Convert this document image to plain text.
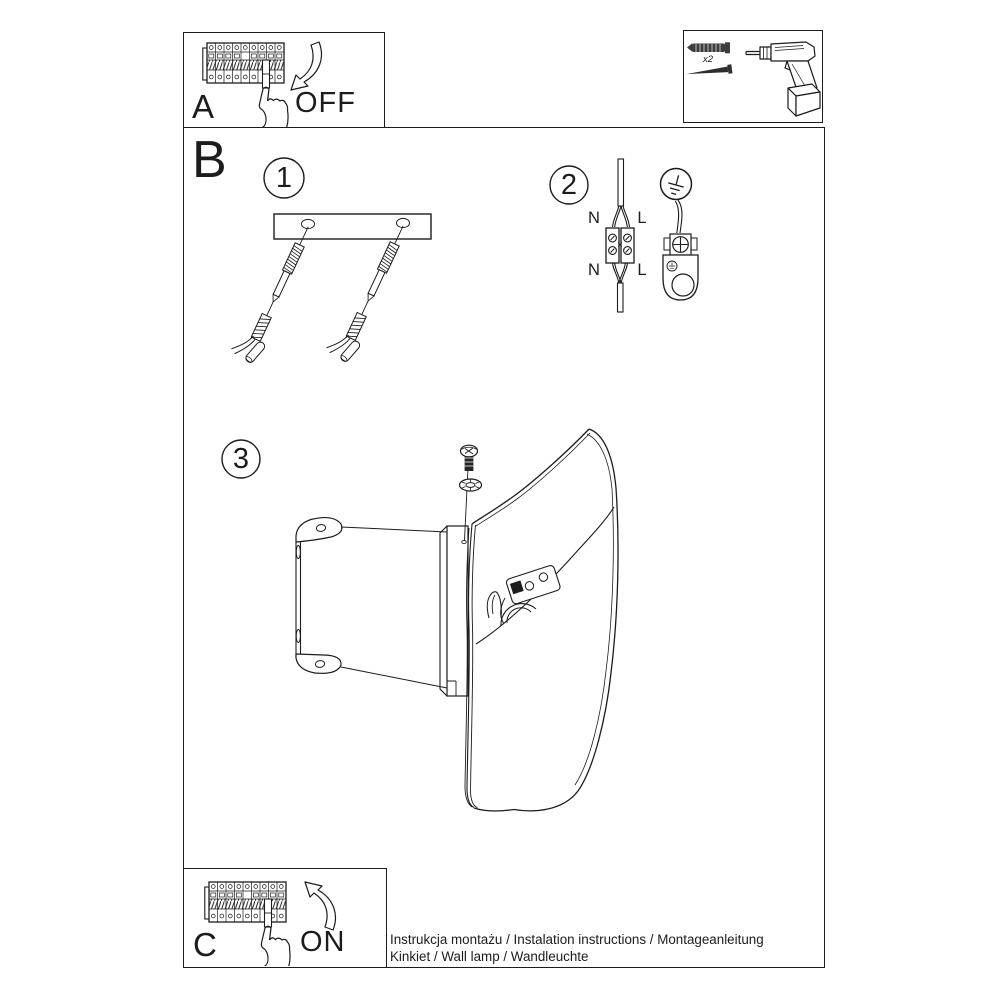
A	OFF
x2
B 1	2
3
N	L
N	L
C	ON	Instrukcja montażu / Instalation instructions / Montageanleitung
Kinkiet / Wall lamp / Wandleuchte
